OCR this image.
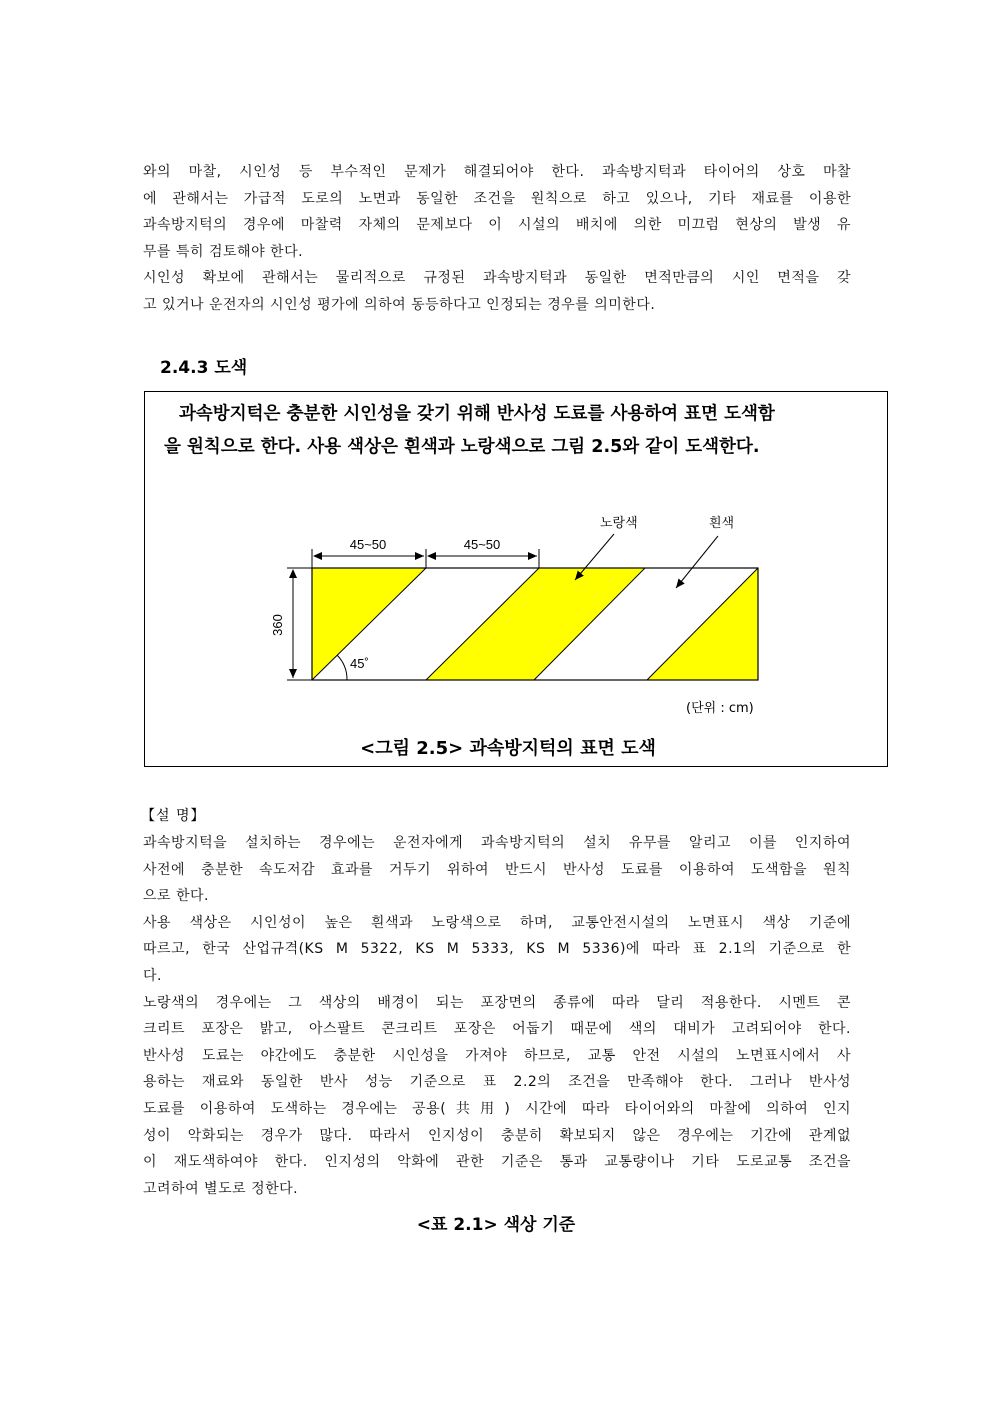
와의 마찰, 시인성 등 부수적인 문제가 해결되어야 한다. 과속방지턱과 타이어의 상호 마찰
에 관해서는 가급적 도로의 노면과 동일한 조건을 원칙으로 하고 있으나, 기타 재료를 이용한
과속방지턱의 경우에 마찰력 자체의 문제보다 이 시설의 배치에 의한 미끄럼 현상의 발생 유
무를 특히 검토해야 한다.
시인성 확보에 관해서는 물리적으로 규정된 과속방지턱과 동일한 면적만큼의 시인 면적을 갖
고 있거나 운전자의 시인성 평가에 의하여 동등하다고 인정되는 경우를 의미한다.
2.4.3 도색
과속방지턱은 충분한 시인성을 갖기 위해 반사성 도료를 사용하여 표면 도색함
을 원칙으로 한다. 사용 색상은 흰색과 노랑색으로 그림 2.5와 같이 도색한다.
45~50	45~50
360
45˚
노랑색	흰색
(단위 : cm)
<그림 2.5> 과속방지턱의 표면 도색
【설 명】
과속방지턱을 설치하는 경우에는 운전자에게 과속방지턱의 설치 유무를 알리고 이를 인지하여
사전에 충분한 속도저감 효과를 거두기 위하여 반드시 반사성 도료를 이용하여 도색함을 원칙
으로 한다.
사용 색상은 시인성이 높은 흰색과 노랑색으로 하며, 교통안전시설의 노면표시 색상 기준에
따르고, 한국 산업규격(KS M 5322, KS M 5333, KS M 5336)에 따라 표 2.1의 기준으로 한
다.
노랑색의 경우에는 그 색상의 배경이 되는 포장면의 종류에 따라 달리 적용한다. 시멘트 콘
크리트 포장은 밝고, 아스팔트 콘크리트 포장은 어둡기 때문에 색의 대비가 고려되어야 한다.
반사성 도료는 야간에도 충분한 시인성을 가져야 하므로, 교통 안전 시설의 노면표시에서 사
용하는 재료와 동일한 반사 성능 기준으로 표 2.2의 조건을 만족해야 한다. 그러나 반사성
도료를 이용하여 도색하는 경우에는 공용(共用) 시간에 따라 타이어와의 마찰에 의하여 인지
성이 악화되는 경우가 많다. 따라서 인지성이 충분히 확보되지 않은 경우에는 기간에 관계없
이 재도색하여야 한다. 인지성의 악화에 관한 기준은 통과 교통량이나 기타 도로교통 조건을
고려하여 별도로 정한다.
<표 2.1> 색상 기준
